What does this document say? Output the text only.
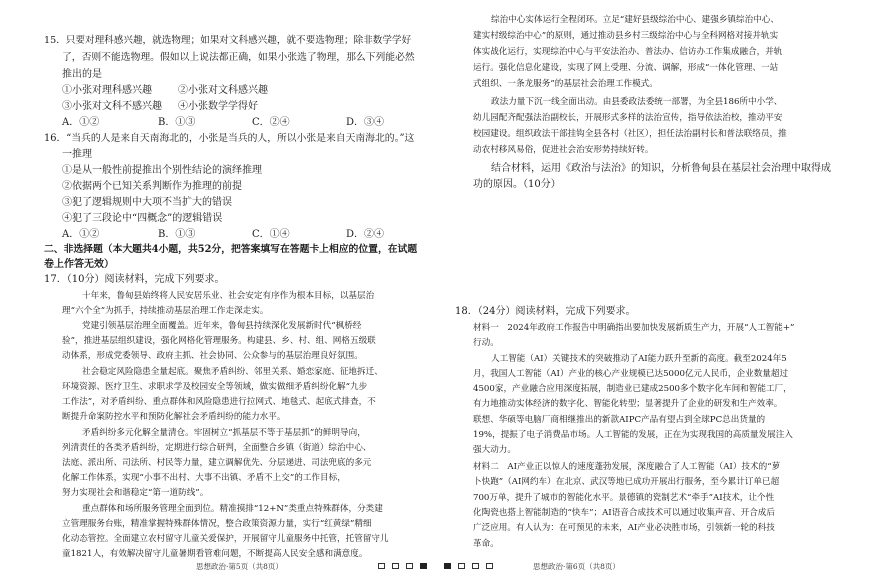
15．只要对理科感兴趣，就选物理；如果对文科感兴趣，就不要选物理；除非数学学好
了，否则不能选物理。假如以上说法都正确，如果小张选了物理，那么下列能必然
推出的是
①小张对理科感兴趣	②小张对文科感兴趣
③小张对文科不感兴趣 ④小张数学学得好
A．①②	B．①③	C．②④	D．③④
16．“当兵的人是来自天南海北的，小张是当兵的人，所以小张是来自天南海北的。”这
一推理
①是从一般性前提推出个别性结论的演绎推理
②依据两个已知关系判断作为推理的前提
③犯了逻辑规则中大项不当扩大的错误
④犯了三段论中“四概念”的逻辑错误
A．①②	B．①③	C．①④	D．②④
二、非选择题（本大题共4小题，共52分，把答案填写在答题卡上相应的位置，在试题
卷上作答无效）
17．（10分）阅读材料，完成下列要求。
十年来，鲁甸县始终将人民安居乐业、社会安定有序作为根本目标，以基层治
理“六个全”为抓手，持续推动基层治理工作走深走实。
党建引领基层治理全面覆盖。近年来，鲁甸县持续深化发展新时代“枫桥经
验”，推进基层组织建设，强化网格化管理服务。构建县、乡、村、组、网格五级联
动体系，形成党委领导、政府主抓、社会协同、公众参与的基层治理良好氛围。
社会稳定风险隐患全量起底。聚焦矛盾纠纷、邻里关系、婚恋家庭、征地拆迁、
环境资源、医疗卫生、求职求学及校园安全等领域，做实做细矛盾纠纷化解“九步
工作法”，对矛盾纠纷、重点群体和风险隐患进行拉网式、地毯式、起底式排查，不
断提升命案防控水平和预防化解社会矛盾纠纷的能力水平。
矛盾纠纷多元化解全量清仓。牢固树立“抓基层不等于基层抓”的鲜明导向，
列清责任的各类矛盾纠纷，定期进行综合研判，全面整合乡镇（街道）综治中心、
法庭、派出所、司法所、村民等力量，建立调解优先、分层递进、司法兜底的多元
化解工作体系，实现“小事不出村、大事不出镇、矛盾不上交”的工作目标，
努力实现社会和谐稳定“第一道防线”。
重点群体和场所服务管理全面到位。精准摸排“12+N”类重点特殊群体，分类建
立管理服务台账，精准掌握特殊群体情况，整合政策资源力量，实行“红黄绿”精细
化动态管控。全面建立农村留守儿童关爱保护，开展留守儿童服务中托管，托管留守儿
童1821人，有效解决留守儿童暑期看管难问题，不断提高人民安全感和满意度。
思想政治·第5页（共8页）
综治中心实体运行全程闭环。立足“建好县级综治中心、建强乡镇综治中心、
建实村级综治中心”的原则，通过推动县乡村三级综治中心与全科网格对接并轨实
体实战化运行，实现综治中心与平安法治办、普法办、信访办工作集成融合，并轨
运行。强化信息化建设，实现了网上受理、分流、调解，形成“一体化管理、一站
式组织、一条龙服务”的基层社会治理工作模式。
政法力量下沉一线全面出动。由县委政法委统一部署，为全县186所中小学、
幼儿园配齐配强法治副校长，开展形式多样的法治宣传，指导依法治校，推动平安
校园建设。组织政法干部挂钩全县各村（社区），担任法治副村长和普法联络员，推
动农村移风易俗，促进社会治安形势持续好转。
结合材料，运用《政治与法治》的知识，分析鲁甸县在基层社会治理中取得成
功的原因。（10分）
18．（24分）阅读材料，完成下列要求。
材料一　2024年政府工作报告中明确指出要加快发展新质生产力，开展“人工智能+”
行动。
人工智能（AI）关键技术的突破推动了AI能力跃升至新的高度。截至2024年5
月，我国人工智能（AI）产业的核心产业规模已达5000亿元人民币，企业数量超过
4500家，产业融合应用深度拓展，制造业已建成2500多个数字化车间和智能工厂，
有力地推动实体经济的数字化、智能化转型；显著提升了企业的研发和生产效率。
联想、华硕等电脑厂商相继推出的新款AIPC产品有望占到全球PC总出货量的
19%，提振了电子消费品市场。人工智能的发展，正在为实现我国的高质量发展注入
强大动力。
材料二　AI产业正以惊人的速度蓬勃发展，深度融合了人工智能（AI）技术的“萝
卜快跑”（AI网约车）在北京、武汉等地已成功开展出行服务，至今累计订单已超
700万单，提升了城市的智能化水平。景德镇的瓷制艺术“牵手”AI技术，让个性
化陶瓷也搭上智能制造的“快车”；AI语音合成技术可以通过收集声音、开合成后
广泛应用。有人认为：在可预见的未来，AI产业必决胜市场，引领新一轮的科技
革命。
思想政治·第6页（共8页）
